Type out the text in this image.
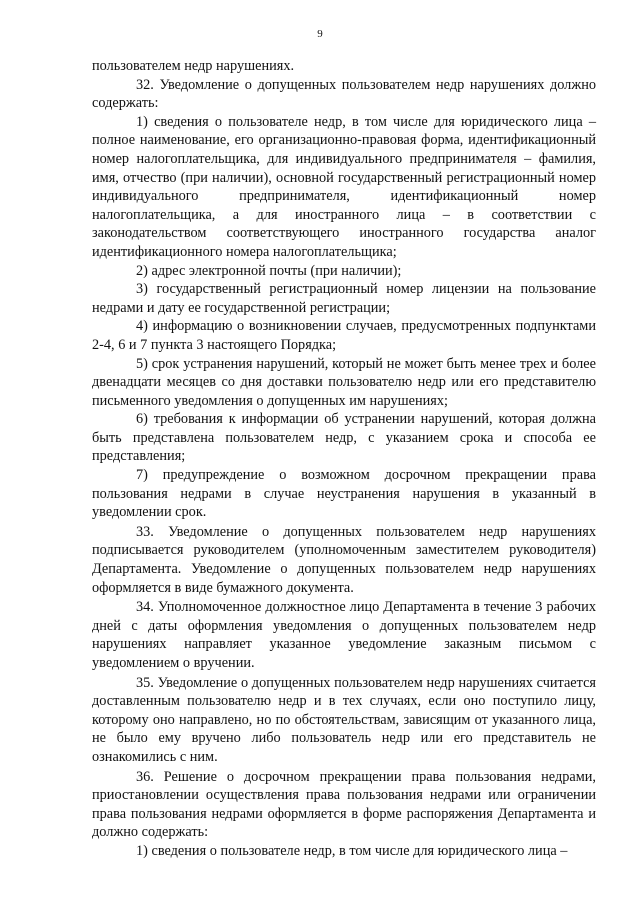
9

пользователем недр нарушениях.

32. Уведомление о допущенных пользователем недр нарушениях должно содержать:

1) сведения о пользователе недр, в том числе для юридического лица – полное наименование, его организационно-правовая форма, идентификационный номер налогоплательщика, для индивидуального предпринимателя – фамилия, имя, отчество (при наличии), основной государственный регистрационный номер индивидуального предпринимателя, идентификационный номер налогоплательщика, а для иностранного лица – в соответствии с законодательством соответствующего иностранного государства аналог идентификационного номера налогоплательщика;

2) адрес электронной почты (при наличии);

3) государственный регистрационный номер лицензии на пользование недрами и дату ее государственной регистрации;

4) информацию о возникновении случаев, предусмотренных подпунктами 2-4, 6 и 7 пункта 3 настоящего Порядка;

5) срок устранения нарушений, который не может быть менее трех и более двенадцати месяцев со дня доставки пользователю недр или его представителю письменного уведомления о допущенных им нарушениях;

6) требования к информации об устранении нарушений, которая должна быть представлена пользователем недр, с указанием срока и способа ее представления;

7) предупреждение о возможном досрочном прекращении права пользования недрами в случае неустранения нарушения в указанный в уведомлении срок.

33. Уведомление о допущенных пользователем недр нарушениях подписывается руководителем (уполномоченным заместителем руководителя) Департамента. Уведомление о допущенных пользователем недр нарушениях оформляется в виде бумажного документа.

34. Уполномоченное должностное лицо Департамента в течение 3 рабочих дней с даты оформления уведомления о допущенных пользователем недр нарушениях направляет указанное уведомление заказным письмом с уведомлением о вручении.

35. Уведомление о допущенных пользователем недр нарушениях считается доставленным пользователю недр и в тех случаях, если оно поступило лицу, которому оно направлено, но по обстоятельствам, зависящим от указанного лица, не было ему вручено либо пользователь недр или его представитель не ознакомились с ним.

36. Решение о досрочном прекращении права пользования недрами, приостановлении осуществления права пользования недрами или ограничении права пользования недрами оформляется в форме распоряжения Департамента и должно содержать:

1) сведения о пользователе недр, в том числе для юридического лица –
